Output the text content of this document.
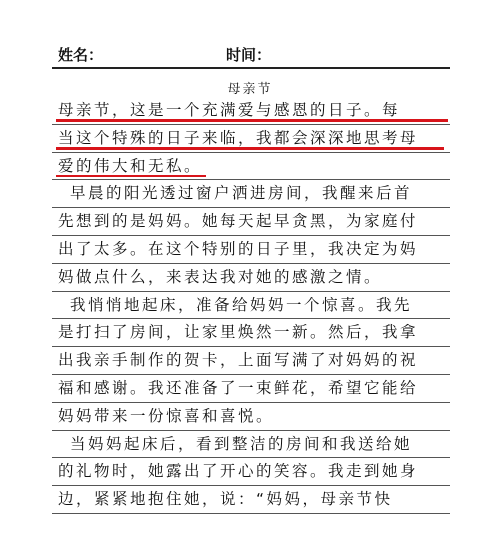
姓名：	时间：
母亲节
母亲节，这是一个充满爱与感恩的日子。每
当这个特殊的日子来临，我都会深深地思考母
爱的伟大和无私。
早晨的阳光透过窗户洒进房间，我醒来后首
先想到的是妈妈。她每天起早贪黑，为家庭付
出了太多。在这个特别的日子里，我决定为妈
妈做点什么，来表达我对她的感激之情。
我悄悄地起床，准备给妈妈一个惊喜。我先
是打扫了房间，让家里焕然一新。然后，我拿
出我亲手制作的贺卡，上面写满了对妈妈的祝
福和感谢。我还准备了一束鲜花，希望它能给
妈妈带来一份惊喜和喜悦。
当妈妈起床后，看到整洁的房间和我送给她
的礼物时，她露出了开心的笑容。我走到她身
边，紧紧地抱住她，说：“妈妈，母亲节快
